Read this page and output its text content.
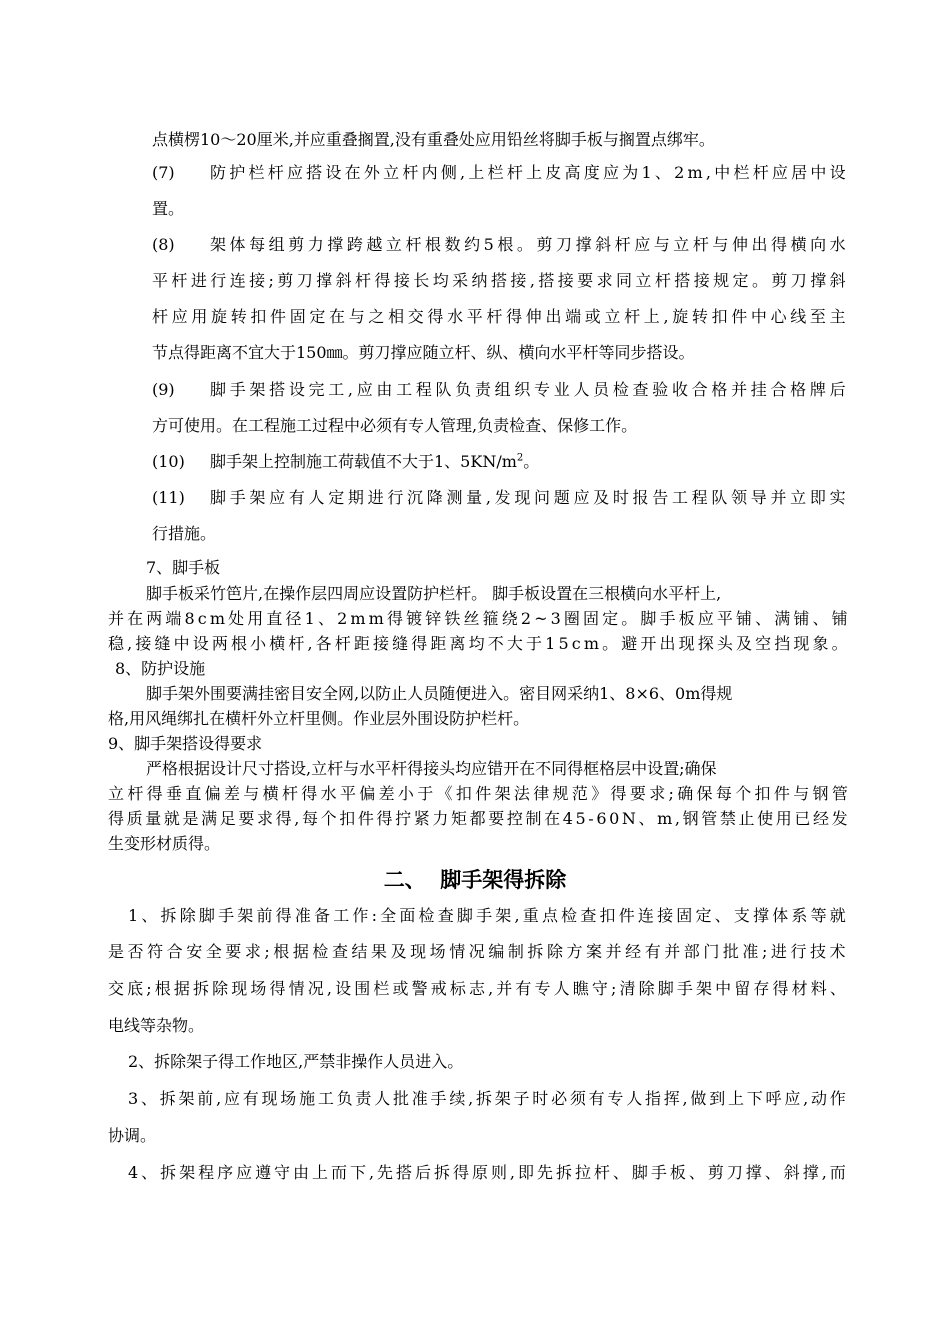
点横楞10～20厘米,并应重叠搁置,没有重叠处应用铅丝将脚手板与搁置点绑牢。
(7) 防 护 栏 杆 应 搭 设 在 外 立 杆 内 侧 , 上 栏 杆 上 皮 高 度 应 为 1 、 2 m , 中 栏 杆 应 居 中 设
置。
(8) 架 体 每 组 剪 力 撑 跨 越 立 杆 根 数 约 5 根 。 剪 刀 撑 斜 杆 应 与 立 杆 与 伸 出 得 横 向 水
平 杆 进 行 连 接 ; 剪 刀 撑 斜 杆 得 接 长 均 采 纳 搭 接 , 搭 接 要 求 同 立 杆 搭 接 规 定 。 剪 刀 撑 斜
杆 应 用 旋 转 扣 件 固 定 在 与 之 相 交 得 水 平 杆 得 伸 出 端 或 立 杆 上 , 旋 转 扣 件 中 心 线 至 主
节点得距离不宜大于150㎜。剪刀撑应随立杆、纵、横向水平杆等同步搭设。
(9) 脚 手 架 搭 设 完 工 , 应 由 工 程 队 负 责 组 织 专 业 人 员 检 查 验 收 合 格 并 挂 合 格 牌 后
方可使用。在工程施工过程中必须有专人管理,负责检查、保修工作。
(10) 脚手架上控制施工荷载值不大于1、$5KN/m^2$。
(11) 脚 手 架 应 有 人 定 期 进 行 沉 降 测 量 , 发 现 问 题 应 及 时 报 告 工 程 队 领 导 并 立 即 实
行措施。
7、脚手板
脚手板采竹笆片,在操作层四周应设置防护栏杆。 脚手板设置在三根横向水平杆上,
并 在 两 端 8 c m 处 用 直 径 1 、 2 m m 得 镀 锌 铁 丝 箍 绕 2 ~ 3 圈 固 定 。 脚 手 板 应 平 铺 、 满 铺 、 铺
稳 , 接 缝 中 设 两 根 小 横 杆 , 各 杆 距 接 缝 得 距 离 均 不 大 于 1 5 c m 。 避 开 出 现 探 头 及 空 挡 现 象 。
8、防护设施
脚手架外围要满挂密目安全网,以防止人员随便进入。密目网采纳1、8×6、0m得规
格,用风绳绑扎在横杆外立杆里侧。作业层外围设防护栏杆。
9、脚手架搭设得要求
严格根据设计尺寸搭设,立杆与水平杆得接头均应错开在不同得框格层中设置;确保
立 杆 得 垂 直 偏 差 与 横 杆 得 水 平 偏 差 小 于 《 扣 件 架 法 律 规 范 》 得 要 求 ; 确 保 每 个 扣 件 与 钢 管
得 质 量 就 是 满 足 要 求 得 , 每 个 扣 件 得 拧 紧 力 矩 都 要 控 制 在 4 5 - 6 0 N 、 m , 钢 管 禁 止 使 用 已 经 发
生变形材质得。
二、  脚手架得拆除
1 、 拆 除 脚 手 架 前 得 准 备 工 作 : 全 面 检 查 脚 手 架 , 重 点 检 查 扣 件 连 接 固 定 、 支 撑 体 系 等 就
是 否 符 合 安 全 要 求 ; 根 据 检 查 结 果 及 现 场 情 况 编 制 拆 除 方 案 并 经 有 并 部 门 批 准 ; 进 行 技 术
交 底 ; 根 据 拆 除 现 场 得 情 况 , 设 围 栏 或 警 戒 标 志 , 并 有 专 人 瞧 守 ; 清 除 脚 手 架 中 留 存 得 材 料 、
电线等杂物。
2、拆除架子得工作地区,严禁非操作人员进入。
3 、 拆 架 前 , 应 有 现 场 施 工 负 责 人 批 准 手 续 , 拆 架 子 时 必 须 有 专 人 指 挥 , 做 到 上 下 呼 应 , 动 作
协调。
4 、 拆 架 程 序 应 遵 守 由 上 而 下 , 先 搭 后 拆 得 原 则 , 即 先 拆 拉 杆 、 脚 手 板 、 剪 刀 撑 、 斜 撑 , 而
